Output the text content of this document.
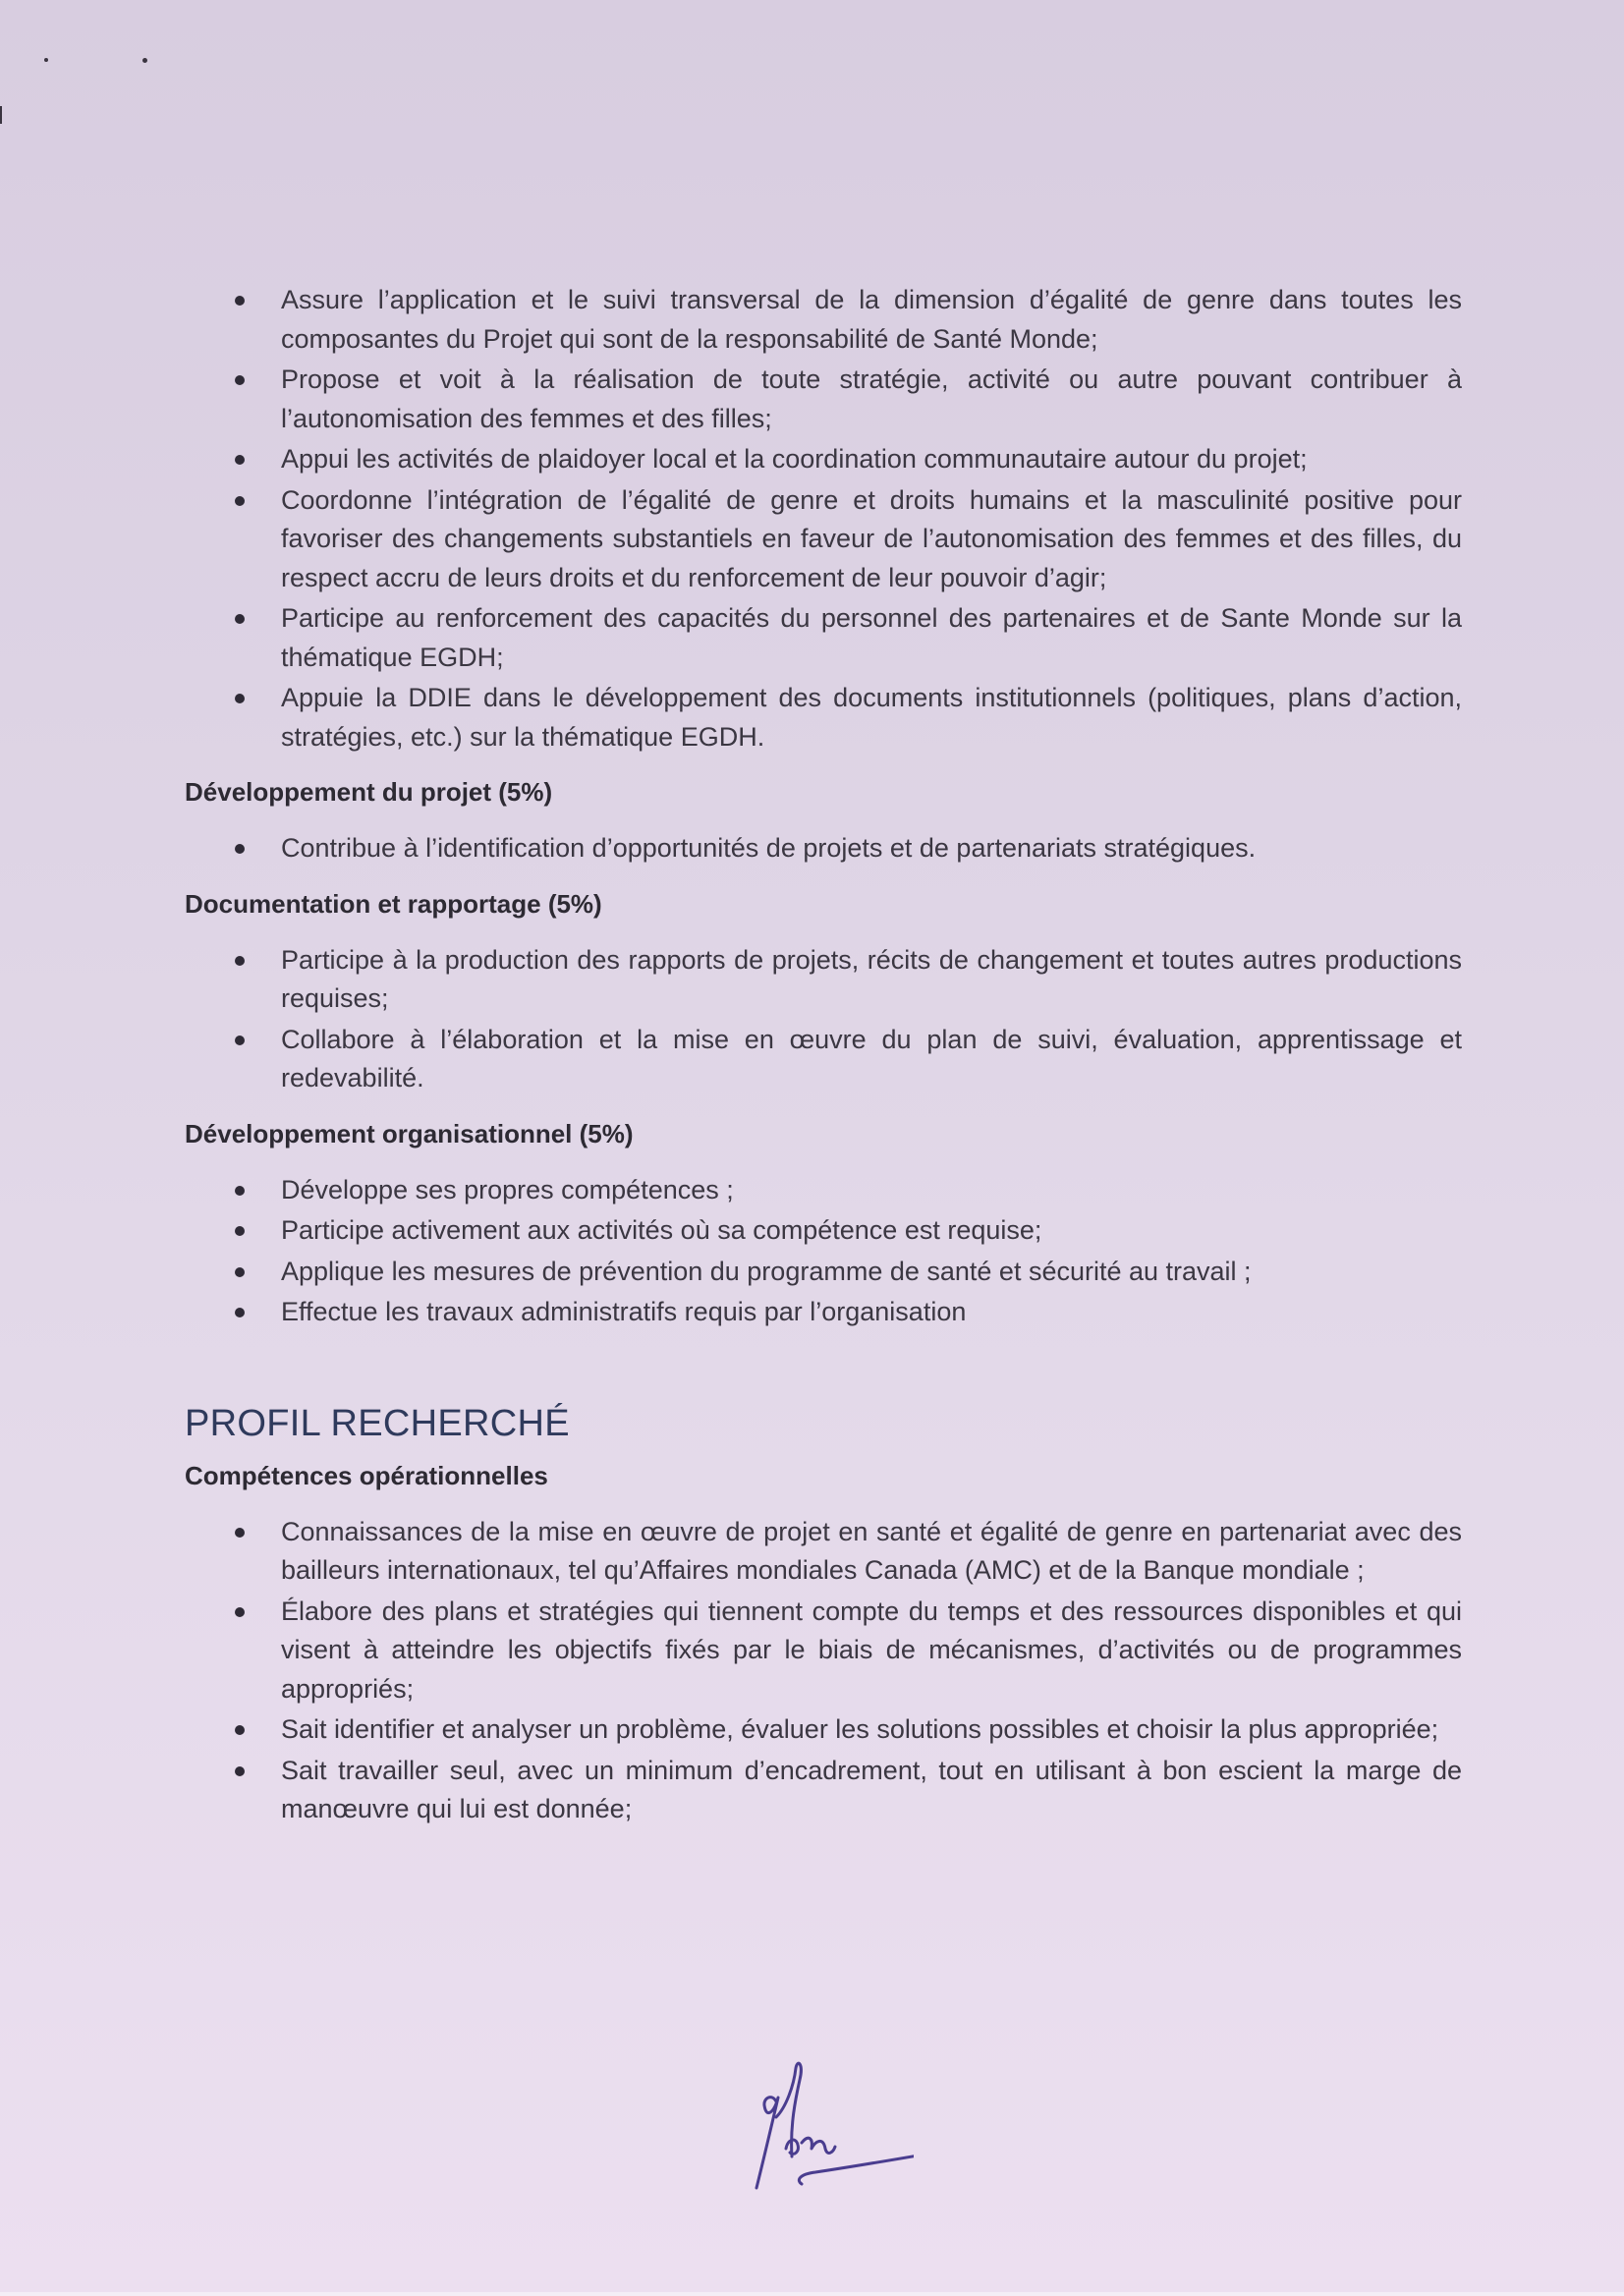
Assure l’application et le suivi transversal de la dimension d’égalité de genre dans toutes les composantes du Projet qui sont de la responsabilité de Santé Monde;
Propose et voit à la réalisation de toute stratégie, activité ou autre pouvant contribuer à l’autonomisation des femmes et des filles;
Appui les activités de plaidoyer local et la coordination communautaire autour du projet;
Coordonne l’intégration de l’égalité de genre et droits humains et la masculinité positive pour favoriser des changements substantiels en faveur de l’autonomisation des femmes et des filles, du respect accru de leurs droits et du renforcement de leur pouvoir d’agir;
Participe au renforcement des capacités du personnel des partenaires et de Sante Monde sur la thématique EGDH;
Appuie la DDIE dans le développement des documents institutionnels (politiques, plans d’action, stratégies, etc.) sur la thématique EGDH.
Développement du projet (5%)
Contribue à l’identification d’opportunités de projets et de partenariats stratégiques.
Documentation et rapportage (5%)
Participe à la production des rapports de projets, récits de changement et toutes autres productions requises;
Collabore à l’élaboration et la mise en œuvre du plan de suivi, évaluation, apprentissage et redevabilité.
Développement organisationnel (5%)
Développe ses propres compétences ;
Participe activement aux activités où sa compétence est requise;
Applique les mesures de prévention du programme de santé et sécurité au travail ;
Effectue les travaux administratifs requis par l’organisation
PROFIL RECHERCHÉ
Compétences opérationnelles
Connaissances de la mise en œuvre de projet en santé et égalité de genre en partenariat avec des bailleurs internationaux, tel qu’Affaires mondiales Canada (AMC) et de la Banque mondiale ;
Élabore des plans et stratégies qui tiennent compte du temps et des ressources disponibles et qui visent à atteindre les objectifs fixés par le biais de mécanismes, d’activités ou de programmes appropriés;
Sait identifier et analyser un problème, évaluer les solutions possibles et choisir la plus appropriée;
Sait travailler seul, avec un minimum d’encadrement, tout en utilisant à bon escient la marge de manœuvre qui lui est donnée;
